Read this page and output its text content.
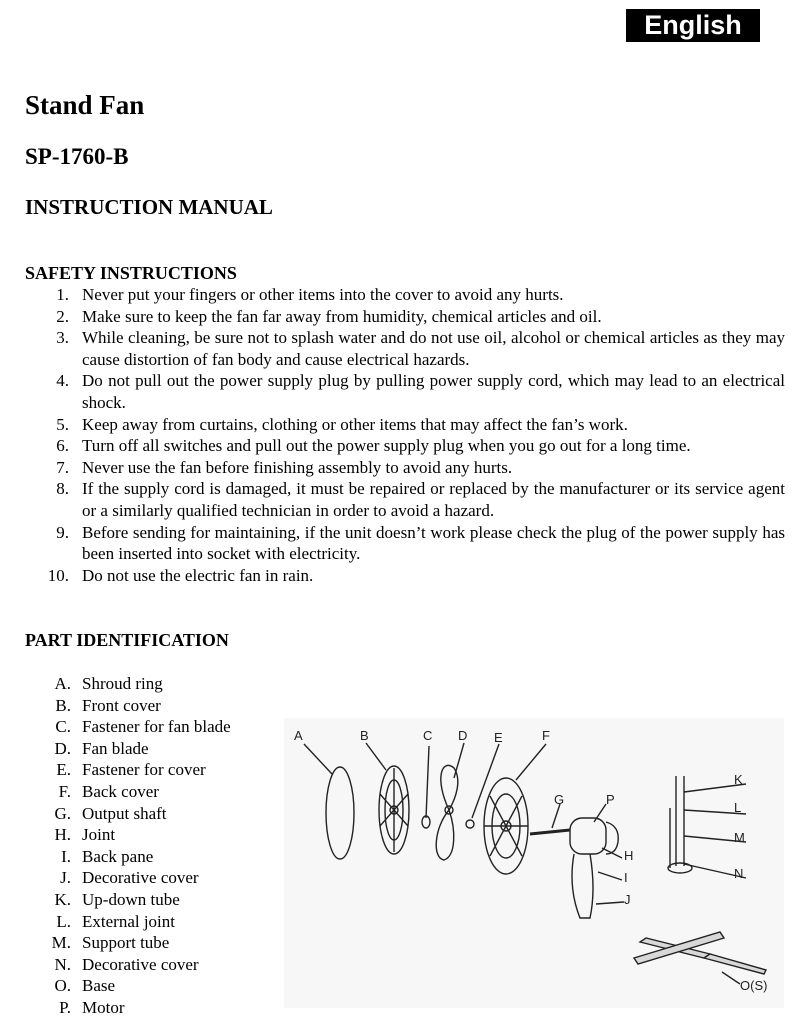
English
Stand Fan
SP-1760-B
INSTRUCTION MANUAL
SAFETY INSTRUCTIONS
1. Never put your fingers or other items into the cover to avoid any hurts.
2. Make sure to keep the fan far away from humidity, chemical articles and oil.
3. While cleaning, be sure not to splash water and do not use oil, alcohol or chemical articles as they may cause distortion of fan body and cause electrical hazards.
4. Do not pull out the power supply plug by pulling power supply cord, which may lead to an electrical shock.
5. Keep away from curtains, clothing or other items that may affect the fan’s work.
6. Turn off all switches and pull out the power supply plug when you go out for a long time.
7. Never use the fan before finishing assembly to avoid any hurts.
8. If the supply cord is damaged, it must be repaired or replaced by the manufacturer or its service agent or a similarly qualified technician in order to avoid a hazard.
9. Before sending for maintaining, if the unit doesn’t work please check the plug of the power supply has been inserted into socket with electricity.
10. Do not use the electric fan in rain.
PART IDENTIFICATION
A. Shroud ring
B. Front cover
C. Fastener for fan blade
D. Fan blade
E. Fastener for cover
F. Back cover
G. Output shaft
H. Joint
I. Back pane
J. Decorative cover
K. Up-down tube
L. External joint
M. Support tube
N. Decorative cover
O. Base
P. Motor
A	B	C D E	F
G	P
H
I
J
K
L
M
N
O(S)
